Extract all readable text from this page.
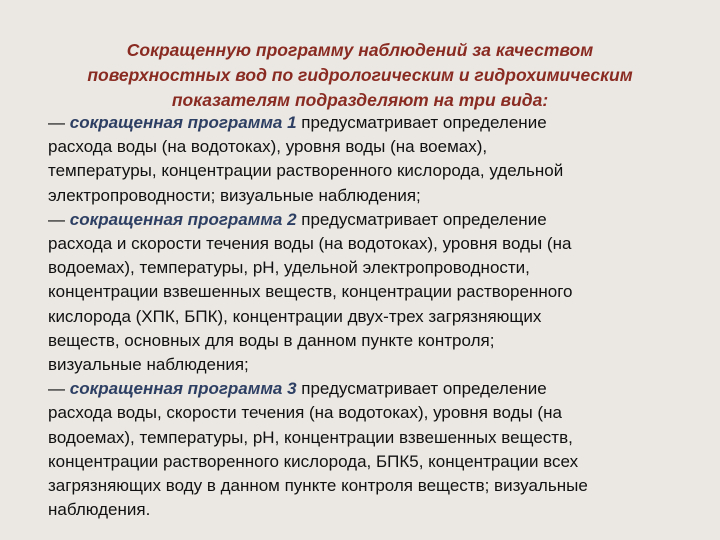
Сокращенную программу наблюдений за качеством
поверхностных вод по гидрологическим и гидрохимическим
показателям подразделяют на три вида:

— сокращенная программа 1 предусматривает определение
расхода воды (на водотоках), уровня воды (на воемах),
температуры, концентрации растворенного кислорода, удельной
электропроводности; визуальные наблюдения;
— сокращенная программа 2 предусматривает определение
расхода и скорости течения воды (на водотоках), уровня воды (на
водоемах), температуры, pH, удельной электропроводности,
концентрации взвешенных веществ, концентрации растворенного
кислорода (ХПК, БПК), концентрации двух-трех загрязняющих
веществ, основных для воды в данном пункте контроля;
визуальные наблюдения;
— сокращенная программа 3 предусматривает определение
расхода воды, скорости течения (на водотоках), уровня воды (на
водоемах), температуры, pH, концентрации взвешенных веществ,
концентрации растворенного кислорода, БПК5, концентрации всех
загрязняющих воду в данном пункте контроля веществ; визуальные
наблюдения.
